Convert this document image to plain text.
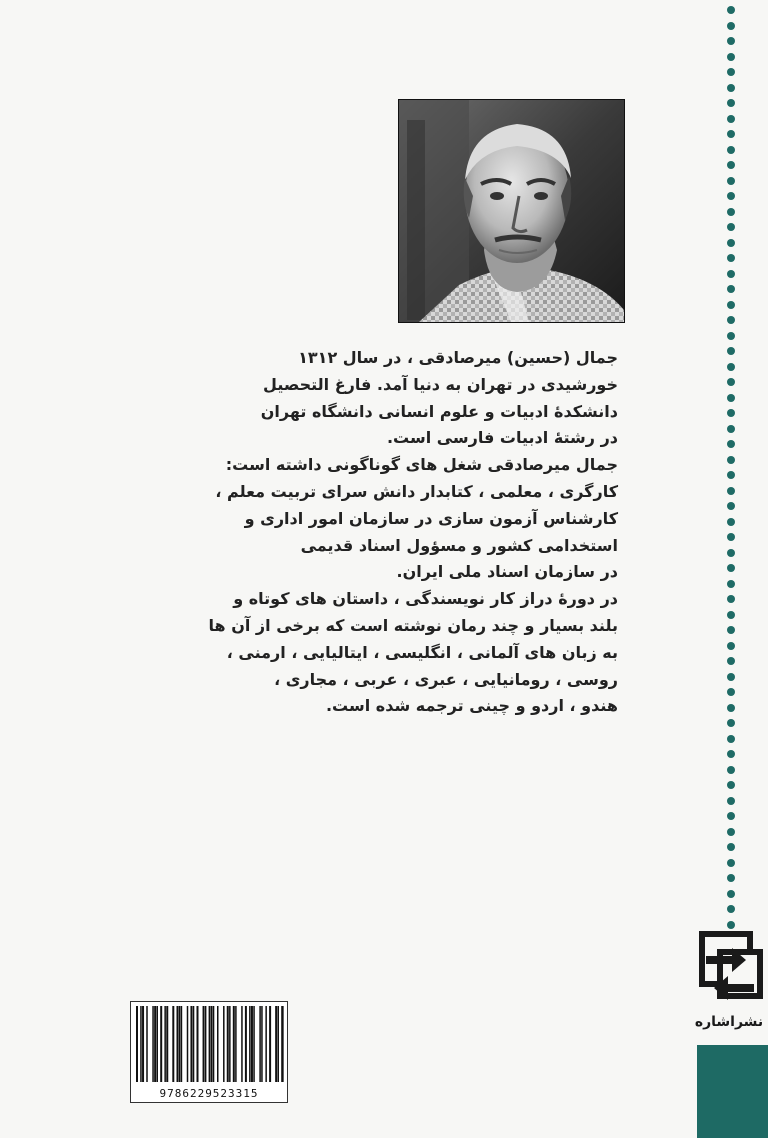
جمال (حسین) میرصادقی ، در سال ۱۳۱۲
خورشیدی در تهران به دنیا آمد. فارغ التحصیل
دانشکدهٔ ادبیات و علوم انسانی دانشگاه تهران
در رشتهٔ ادبیات فارسی است.
جمال میرصادقی شغل های گوناگونی داشته است:
کارگری ، معلمی ، کتابدار دانش سرای تربیت معلم ،
کارشناس آزمون سازی در سازمان امور اداری و
استخدامی کشور و مسؤول اسناد قدیمی
در سازمان اسناد ملی ایران.
در دورهٔ دراز کار نویسندگی ، داستان های کوتاه و
بلند بسیار و چند رمان نوشته است که برخی از آن ها
به زبان های آلمانی ، انگلیسی ، ایتالیایی ، ارمنی ،
روسی ، رومانیایی ، عبری ، عربی ، مجاری ،
هندو ، اردو و چینی ترجمه شده است.
9786229523315
نشراشاره
